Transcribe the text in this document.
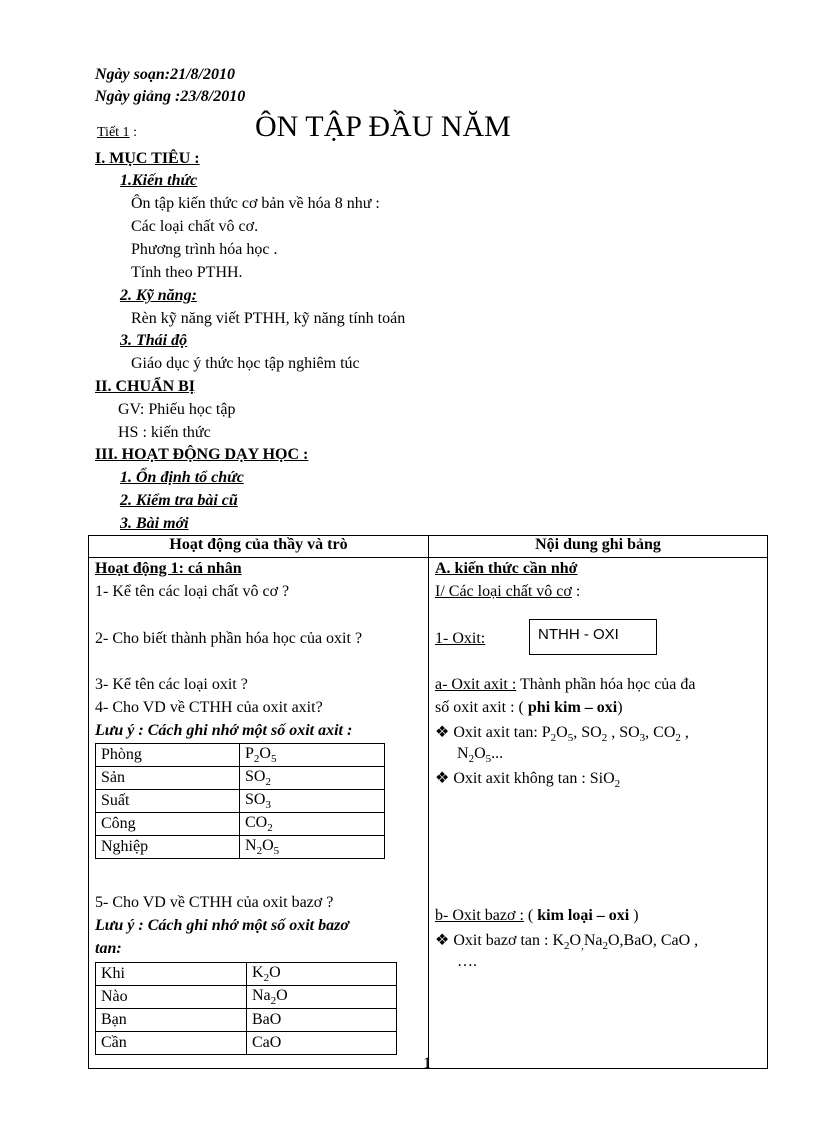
Ngày soạn:21/8/2010
Ngày giảng :23/8/2010
Tiết 1 :	ÔN TẬP ĐẦU NĂM
I. MỤC TIÊU :
1.Kiến thức
Ôn tập kiến thức cơ bản về hóa 8 như :
Các loại chất vô cơ.
Phương trình hóa học .
Tính theo PTHH.
2. Kỹ năng:
Rèn kỹ năng viết PTHH, kỹ năng tính toán
3. Thái độ
Giáo dục ý thức học tập nghiêm túc
II. CHUẨN BỊ
GV: Phiếu học tập
HS : kiến thức
III. HOẠT ĐỘNG DẠY HỌC :
1. Ổn định tổ chức
2. Kiểm tra bài cũ
3. Bài mới
Hoạt động của thầy và trò	Nội dung ghi bảng

Hoạt động 1: cá nhân
1- Kể tên các loại chất vô cơ ?
2- Cho biết thành phần hóa học của oxit ?
3- Kể tên các loại oxit ?
4- Cho VD về CTHH của oxit axit?
Lưu ý : Cách ghi nhớ một số oxit axit :
Phòng	$P_2O_5$
Sản	$SO_2$
Suất	$SO_3$
Công	$CO_2$
Nghiệp	$N_2O_5$
5- Cho VD về CTHH của oxit bazơ ?
Lưu ý : Cách ghi nhớ một số oxit bazơ
tan:
Khi	$K_2O$
Nào	$Na_2O$
Bạn	BaO
Cần	CaO

A. kiến thức cần nhớ
I/ Các loại chất vô cơ :
1- Oxit:	NTHH - OXI
a- Oxit axit : Thành phần hóa học của đa
số oxit axit : ( phi kim – oxi)
❖ Oxit axit tan: $P_2O_5$, $SO_2$ , $SO_3$, $CO_2$ ,
$N_2O_5$...
❖ Oxit axit không tan : SiO$_2$
b- Oxit bazơ : ( kim loại – oxi )
❖ Oxit bazơ tan : $K_2O_,Na_2O,BaO$, CaO ,
….
1
